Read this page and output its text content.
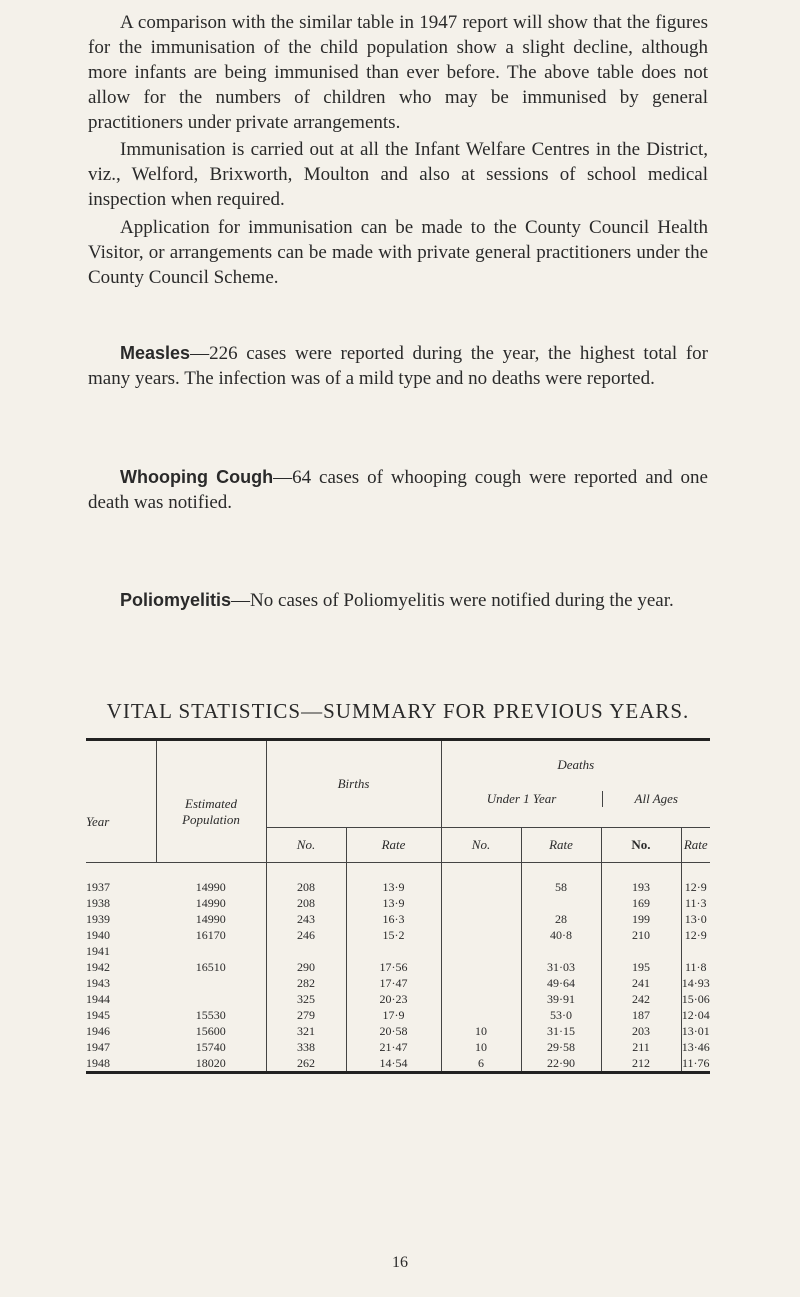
A comparison with the similar table in 1947 report will show that the figures for the immunisation of the child population show a slight decline, although more infants are being immunised than ever before. The above table does not allow for the numbers of children who may be immunised by general practitioners under private arrangements.

Immunisation is carried out at all the Infant Welfare Centres in the District, viz., Welford, Brixworth, Moulton and also at sessions of school medical inspection when required.

Application for immunisation can be made to the County Council Health Visitor, or arrangements can be made with private general practitioners under the County Council Scheme.

Measles—226 cases were reported during the year, the highest total for many years. The infection was of a mild type and no deaths were reported.

Whooping Cough—64 cases of whooping cough were reported and one death was notified.

Poliomyelitis—No cases of Poliomyelitis were notified during the year.

VITAL STATISTICS—SUMMARY FOR PREVIOUS YEARS.
Year	Estimated Population	Births		Deaths
Under 1 Year All Ages			

		No.	Rate	No.	Rate	No.	Rate

1937	14990	208	13·9		58	193	12·9
1938	14990	208	13·9			169	11·3
1939	14990	243	16·3		28	199	13·0
1940	16170	246	15·2		40·8	210	12·9
1941							
1942	16510	290	17·56		31·03	195	11·8
1943		282	17·47		49·64	241	14·93
1944		325	20·23		39·91	242	15·06
1945	15530	279	17·9		53·0	187	12·04
1946	15600	321	20·58	10	31·15	203	13·01
1947	15740	338	21·47	10	29·58	211	13·46
1948	18020	262	14·54	6	22·90	212	11·76

16
